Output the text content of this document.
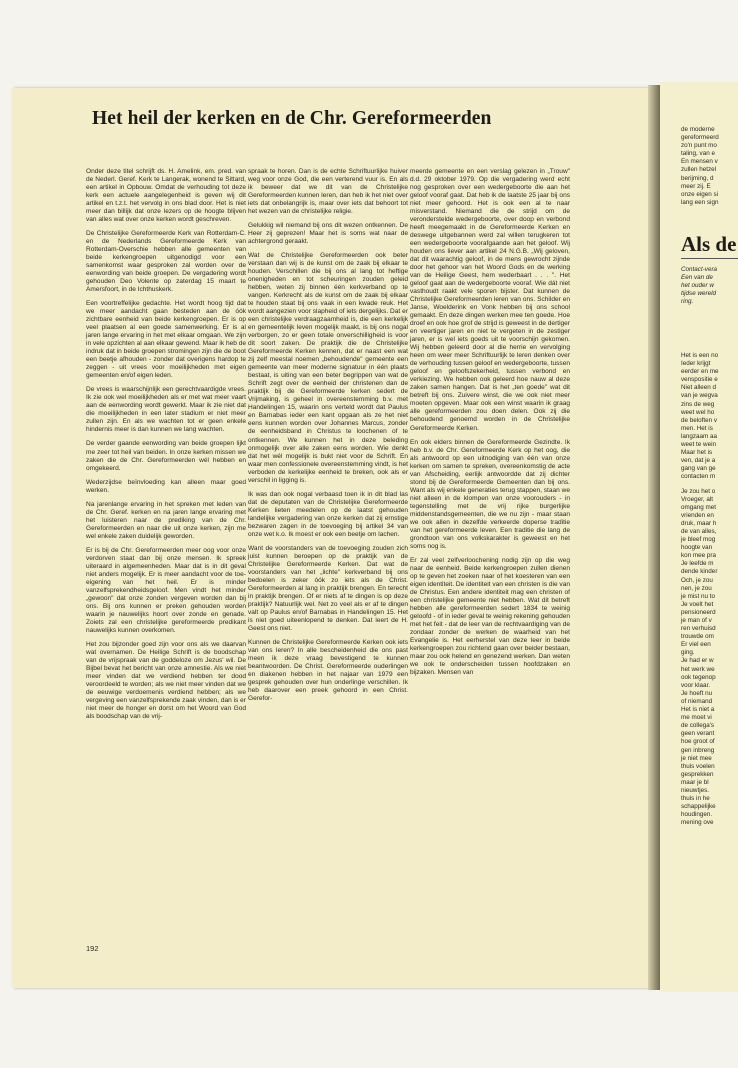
Het heil der kerken en de Chr. Gereformeerden

Onder deze titel schrijft ds. H. Amelink, em. pred. van de Nederl. Geref. Kerk te Langerak, wonend te Sittard, een artikel in Opbouw. Omdat de verhouding tot deze kerk een actuele aangelegenheid is geven wij dit artikel en t.z.t. het vervolg in ons blad door. Het is niet meer dan billijk dat onze lezers op de hoogte blijven van alles wat over onze kerken wordt geschreven.

De Christelijke Gereformeerde Kerk van Rotterdam-C. en de Nederlands Gereformeerde Kerk van Rotterdam-Overschie hebben alle gemeenten van beide kerkengroepen uitgenodigd voor een samenkomst waar gesproken zal worden over de eenwording van beide groepen. De vergadering wordt gehouden Deo Volente op zaterdag 15 maart te Amersfoort, in de Ichthuskerk.

Een voortreffelijke gedachte. Het wordt hoog tijd dat we meer aandacht gaan besteden aan de óók zichtbare eenheid van beide kerkengroepen. Er is op veel plaatsen al een goede samenwerking. Er is al jaren lange ervaring in het met elkaar omgaan. We zijn in vele opzichten al aan elkaar gewend. Maar ik heb de indruk dat in beide groepen stromingen zijn die de boot een beetje afhouden - zonder dat overigens hardop te zeggen - uit vrees voor moeilijkheden met eigen gemeenten en/of eigen leden.

De vrees is waarschijnlijk een gerechtvaardigde vrees. Ik zie ook wel moeilijkheden als er met wat meer vaart aan de eenwording wordt gewerkt. Maar ik zie niet dat die moeilijkheden in een later stadium er niet meer zullen zijn. En als we wachten tot er geen enkele hindernis meer is dan kunnen we lang wachten.

De verder gaande eenwording van beide groepen lijkt me zeer tot heil van beiden. In onze kerken missen we zaken die de Chr. Gereformeerden wél hebben en omgekeerd.

Wederzijdse beïnvloeding kan alleen maar goed werken.

Na jarenlange ervaring in het spreken met leden van de Chr. Geref. kerken en na jaren lange ervaring met het luisteren naar de prediking van de Chr. Gereformeerden en naar die uit onze kerken, zijn me wel enkele zaken duidelijk geworden.

Er is bij de Chr. Gereformeerden meer oog voor onze verdorven staat dan bij onze mensen. Ik spreek uiteraard in algemeenheden. Maar dat is in dit geval niet anders mogelijk. Er is meer aandacht voor de toe-eigening van het heil. Er is minder vanzelfsprekendheidsgeloof. Men vindt het minder „gewoon" dat onze zonden vergeven worden dan bij ons. Bij ons kunnen er preken gehouden worden waarin je nauwelijks hoort over zonde en genade. Zoiets zal een christelijke gereformeerde predikant nauwelijks kunnen overkomen.

Het zou bijzonder goed zijn voor ons als we daarvan wat overnamen. De Heilige Schrift is de boodschap van de vrijspraak van de goddeloze om Jezus' wil. De Bijbel bevat het bericht van onze amnestie. Als we niet meer vinden dat we verdiend hebben ter dood veroordeeld te worden; als we niet meer vinden dat we de eeuwige verdoemenis verdiend hebben; als we vergeving een vanzelfsprekende zaak vinden, dan is er niet meer de honger en dorst om het Woord van God als boodschap van de vrij-

spraak te horen. Dan is de echte Schriftuurlijke huiver weg voor onze God, die een verterend vuur is. En als ik beweer dat we dit van de Christelijke Gereformeerden kunnen leren, dan heb ik het niet over iets dat onbelangrijk is, maar over iets dat behoort tot het wezen van de christelijke religie.

Gelukkig wil niemand bij ons dit wezen ontkennen. De Heer zij geprezen! Maar het is soms wat naar de achtergrond geraakt.

Wat de Christelijke Gereformeerden ook beter verstaan dan wij is de kunst om de zaak bij elkaar te houden. Verschillen die bij ons al lang tot heftige onenigheden en tot scheuringen zouden geleid hebben, weten zij binnen één kerkverband op te vangen. Kerkrecht als de kunst om de zaak bij elkaar te houden staat bij ons vaak in een kwade reuk. Het wordt aangezien voor slapheid of iets dergelijks. Dat er een christelijke verdraagzaamheid is, die een kerkelijk en gemeentelijk leven mogelijk maakt, is bij ons nogal verborgen, zo er geen totale onverschilligheid is voor dit soort zaken. De praktijk die de Christelijke Gereformeerde Kerken kennen, dat er naast een wat zij zelf meestal noemen „behoudende" gemeente een gemeente van meer moderne signatuur in één plaats bestaat, is uiting van een beter begrippen van wat de Schrift zegt over de eenheid der christenen dan de praktijk bij de Gereformeerde kerken sedert de Vrijmaking, is geheel in overeenstemming b.v. met Handelingen 15, waarin ons verteld wordt dat Paulus en Barnabas ieder een kant opgaan als ze het niet eens kunnen worden over Johannes Marcus, zonder de eenheidsband in Christus te loochenen of te ontkennen. We kunnen het in deze beleding onmogelijk over alle zaken eens worden. Wie denkt dat het wél mogelijk is bukt niet voor de Schrift. En waar men confessionele overeenstemming vindt, is het verboden de kerkelijke eenheid te breken, ook als er verschil in ligging is.

Ik was dan ook nogal verbaasd toen ik in dit blad las dat de deputaten van de Christelijke Gereformeerde Kerken lieten meedelen op de laatst gehouden landelijke vergadering van onze kerken dat zij ernstige bezwaren zagen in de toevoeging bij artikel 34 van onze wet k.o. Ik moest er ook een beetje om lachen.

Want de voorstanders van de toevoeging zouden zich juist kunnen beroepen op de praktijk van de Christelijke Gereformeerde Kerken. Dat wat de voorstanders van het „lichte" kerkverband bij ons bedoelen is zeker óók zo iets als de Christ. Gereformeerden al lang in praktijk brengen. En terecht in praktijk brengen. Of er niets af te dingen is op deze praktijk? Natuurlijk wel. Net zo veel als er af te dingen valt op Paulus en/of Barnabas in Handelingen 15. Het is niet goed uiteenlopend te denken. Dat leert de H. Geest ons niet.

Kunnen de Christelijke Gereformeerde Kerken ook iets van ons leren? In alle bescheidenheid die ons past meen ik deze vraag bevestigend te kunnen beantwoorden. De Christ. Gereformeerde ouderlingen en diakenen hebben in het najaar van 1979 een gesprek gehouden over hun onderlinge verschillen. Ik heb daarover een preek gehoord in een Christ. Gerefor-

meerde gemeente en een verslag gelezen in „Trouw" d.d. 29 oktober 1979. Op die vergadering werd echt nog gesproken over een wedergeboorte die aan het geloof vooraf gaat. Dat heb ik de laatste 25 jaar bij ons niet meer gehoord. Het is ook een al te naar misverstand. Niemand die de strijd om de veronderstelde wedergeboorte, over doop en verbond heeft meegemaakt in de Gereformeerde Kerken en deswege uitgebannen werd zal willen terugkeren tot een wedergeboorte voorafgaande aan het geloof. Wij houden ons liever aan artikel 24 N.G.B. „Wij geloven, dat dit waarachtig geloof, in de mens gewrocht zijnde door het gehoor van het Woord Gods en de werking van de Heilige Geest, hem wederbaart . . . ". Het geloof gaat aan de wedergeboorte vooraf. Wie dát niet vasthoudt raakt vele sporen bijster. Dat kunnen de Christelijke Gereformeerden leren van ons. Schilder en Janse, Woelderink en Vonk hebben bij ons school gemaakt. En deze dingen werken mee ten goede. Hoe droef en ook hoe grof de strijd is geweest in de dertiger en veertiger jaren en niet te vergeten in de zestiger jaren, er is wel iets goeds uit te voorschijn gekomen. Wij hebben geleerd door al die herrie en vervolging heen om weer meer Schriftuurlijk te leren denken over de verhouding tussen geloof en wedergeboorte, tussen geloof en geloofszekerheid, tussen verbond en verkiezing. We hebben ook geleerd hoe nauw al deze zaken samen hangen. Dat is het „ten goede" wat dit betreft bij ons. Zuivere winst, die we ook niet meer moeten opgeven. Maar ook een winst waarin ik graag alle gereformeerden zou doen delen. Ook zij die behoudend genoemd worden in de Christelijke Gereformeerde Kerken.

En ook elders binnen de Gereformeerde Gezindte. Ik heb b.v. de Chr. Gereformeerde Kerk op het oog, die als antwoord op een uitnodiging van één van onze kerken om samen te spreken, overeenkomstig de acte van Afscheiding, eerlijk antwoordde dat zij dichter stond bij de Gereformeerde Gemeenten dan bij ons. Want als wij enkele generaties terug stappen, staan we niet alleen in de klompen van onze voorouders - in tegenstelling met de vrij rijke burgerlijke middenstandsgemeenten, die we nu zijn - maar staan we ook allen in dezelfde verkeerde doperse traditie van het gereformeerde leven. Een traditie die lang de grondtoon van ons volkskarakter is geweest en het soms nog is.

Er zal veel zelfverloochening nodig zijn op die weg naar de eenheid. Beide kerkengroepen zullen dienen op te geven het zoeken naar of het koesteren van een eigen identiteit. De identiteit van een christen is die van de Christus. Een andere identiteit mag een christen of een christelijke gemeente niet hebben. Wat dit betreft hebben alle gereformeerden sedert 1834 te weinig geloofd - of in ieder geval te weinig rekening gehouden met het feit - dat de leer van de rechtvaardiging van de zondaar zonder de werken de waarheid van het Evangelie is. Het eerherstel van deze leer in beide kerkengroepen zou richtend gaan over beider bestaan, maar zou ook helend en genezend werken. Dan weten we ook te onderscheiden tussen hoofdzaken en bijzaken. Mensen van

192
de moderne
gereformeerd
zo'n punt mo
taling, van e
En mensen v
zullen hetzel
berijming, d
meer zij. E
onze eigen si
lang een sign
Als de
Contact-vera
Een van de
het ouder w
tijdse wereld
ring.
Het is een no
Ieder krijgt
eerder en me
venspositie e
Niet alleen d
van je wegva
zins de weg
weet wel ho
de beloften v
men. Het is
langzaam aa
weet te wein
Maar het is
ven, dat je a
gang van ge
contacten m
Je zou het o
Vroeger, alt
omgang met
vrienden en
druk, maar h
de van alles,
je bleef mog
hoogte van
kon mee pra
Je leefde m
dende kinder
Och, je zou
nen, je zou
je mist nu to
Je voelt het
pensioneerd
je man of v
ren verhuisd
trouwde om
Er viel een
ging.
Je had er w
het werk we
ook tegenop
voor klaar.
Je hoeft nu
of niemand
Het is niet a
me moet vi
de collega's
geen verant
hoe groot of
gen inbreng
je niet mee
thuis voelen
gesprekken
maar je bl
nieuwtjes.
thuis in he
schappelijke
houdingen.
mening ove
